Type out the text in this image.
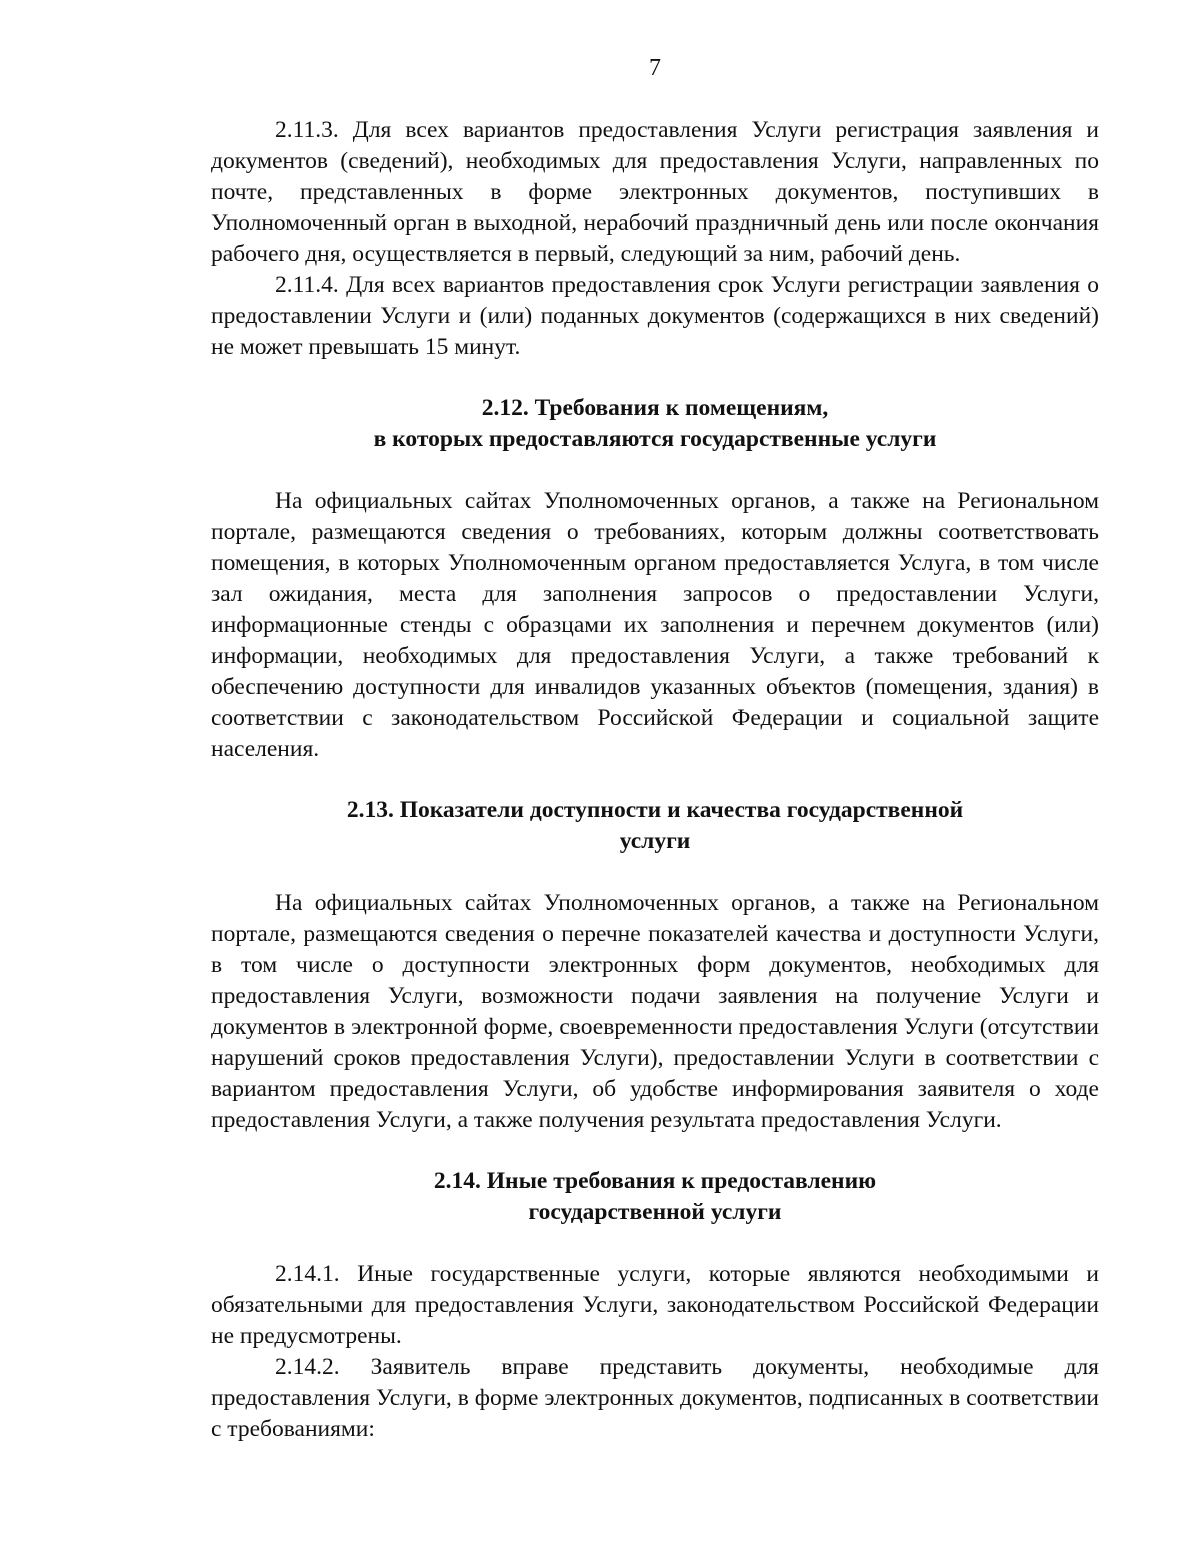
7

2.11.3. Для всех вариантов предоставления Услуги регистрация заявления и документов (сведений), необходимых для предоставления Услуги, направленных по почте, представленных в форме электронных документов, поступивших в Уполномоченный орган в выходной, нерабочий праздничный день или после окончания рабочего дня, осуществляется в первый, следующий за ним, рабочий день.

2.11.4. Для всех вариантов предоставления срок Услуги регистрации заявления о предоставлении Услуги и (или) поданных документов (содержащихся в них сведений) не может превышать 15 минут.

2.12. Требования к помещениям,
в которых предоставляются государственные услуги

На официальных сайтах Уполномоченных органов, а также на Региональном портале, размещаются сведения о требованиях, которым должны соответствовать помещения, в которых Уполномоченным органом предоставляется Услуга, в том числе зал ожидания, места для заполнения запросов о предоставлении Услуги, информационные стенды с образцами их заполнения и перечнем документов (или) информации, необходимых для предоставления Услуги, а также требований к обеспечению доступности для инвалидов указанных объектов (помещения, здания) в соответствии с законодательством Российской Федерации и социальной защите населения.

2.13. Показатели доступности и качества государственной
услуги

На официальных сайтах Уполномоченных органов, а также на Региональном портале, размещаются сведения о перечне показателей качества и доступности Услуги, в том числе о доступности электронных форм документов, необходимых для предоставления Услуги, возможности подачи заявления на получение Услуги и документов в электронной форме, своевременности предоставления Услуги (отсутствии нарушений сроков предоставления Услуги), предоставлении Услуги в соответствии с вариантом предоставления Услуги, об удобстве информирования заявителя о ходе предоставления Услуги, а также получения результата предоставления Услуги.

2.14. Иные требования к предоставлению
государственной услуги

2.14.1. Иные государственные услуги, которые являются необходимыми и обязательными для предоставления Услуги, законодательством Российской Федерации не предусмотрены.

2.14.2. Заявитель вправе представить документы, необходимые для предоставления Услуги, в форме электронных документов, подписанных в соответствии с требованиями:
